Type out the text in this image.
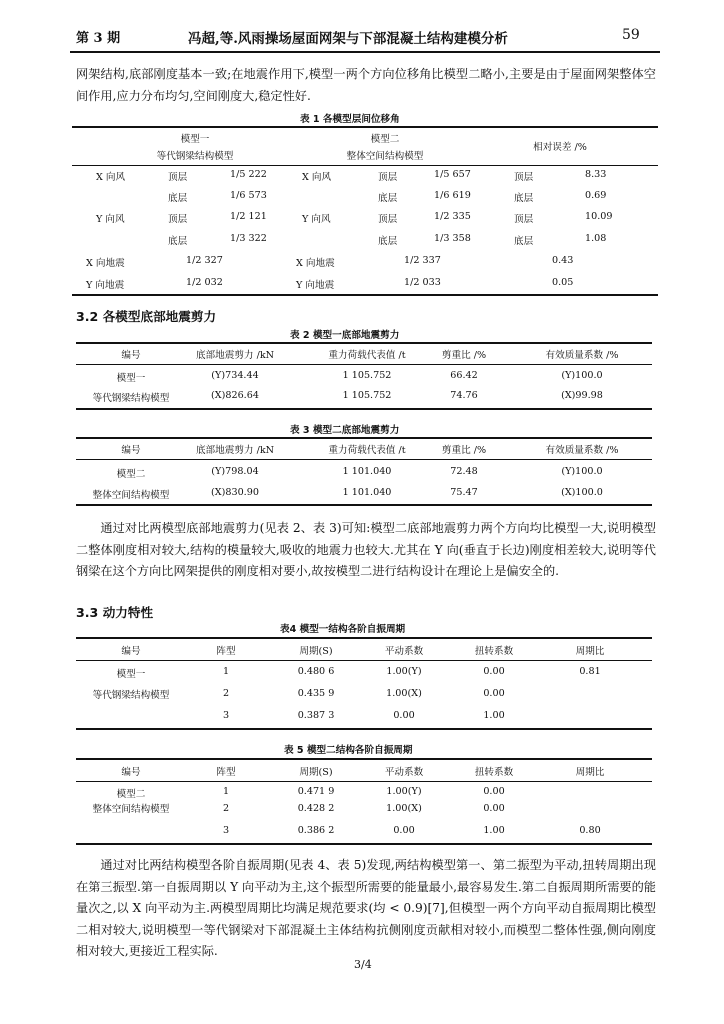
第 3 期	冯超,等.风雨操场屋面网架与下部混凝土结构建模分析	59
网架结构,底部刚度基本一致;在地震作用下,模型一两个方向位移角比模型二略小,主要是由于屋面网架整体空间作用,应力分布均匀,空间刚度大,稳定性好.
表 1 各模型层间位移角
模型一
等代钢梁结构模型
模型二
整体空间结构模型
相对误差 /%
X 向风	顶层	1/5 222	X 向风	顶层	1/5 657	顶层	8.33
底层	1/6 573	底层	1/6 619	底层	0.69
Y 向风	顶层	1/2 121	Y 向风	顶层	1/2 335	顶层	10.09
底层	1/3 322	底层	1/3 358	底层	1.08
X 向地震	1/2 327	X 向地震	1/2 337	0.43
Y 向地震	1/2 032	Y 向地震	1/2 033	0.05
3.2 各模型底部地震剪力
表 2 模型一底部地震剪力
编号	底部地震剪力 /kN	重力荷载代表值 /t	剪重比 /%	有效质量系数 /%
模型一
等代钢梁结构模型
(Y)734.44	1 105.752	66.42	(Y)100.0
(X)826.64	1 105.752	74.76	(X)99.98
表 3 模型二底部地震剪力
编号	底部地震剪力 /kN	重力荷载代表值 /t	剪重比 /%	有效质量系数 /%
模型二
整体空间结构模型
(Y)798.04	1 101.040	72.48	(Y)100.0
(X)830.90	1 101.040	75.47	(X)100.0
通过对比两模型底部地震剪力(见表 2、表 3)可知:模型二底部地震剪力两个方向均比模型一大,说明模型二整体刚度相对较大,结构的模量较大,吸收的地震力也较大.尤其在 Y 向(垂直于长边)刚度相差较大,说明等代钢梁在这个方向比网架提供的刚度相对要小,故按模型二进行结构设计在理论上是偏安全的.
3.3 动力特性
表4 模型一结构各阶自振周期
编号	阵型	周期(S)	平动系数	扭转系数	周期比
模型一
等代钢梁结构模型
1	0.480 6	1.00(Y)	0.00	0.81
2	0.435 9	1.00(X)	0.00
3	0.387 3	0.00	1.00
表 5 模型二结构各阶自振周期
编号	阵型	周期(S)	平动系数	扭转系数	周期比
模型二
整体空间结构模型
1	0.471 9	1.00(Y)	0.00
2	0.428 2	1.00(X)	0.00
3	0.386 2	0.00	1.00	0.80
通过对比两结构模型各阶自振周期(见表 4、表 5)发现,两结构模型第一、第二振型为平动,扭转周期出现在第三振型.第一自振周期以 Y 向平动为主,这个振型所需要的能量最小,最容易发生.第二自振周期所需要的能量次之,以 X 向平动为主.两模型周期比均满足规范要求(均 < 0.9)[7],但模型一两个方向平动自振周期比模型二相对较大,说明模型一等代钢梁对下部混凝土主体结构抗侧刚度贡献相对较小,而模型二整体性强,侧向刚度相对较大,更接近工程实际.
3/4
